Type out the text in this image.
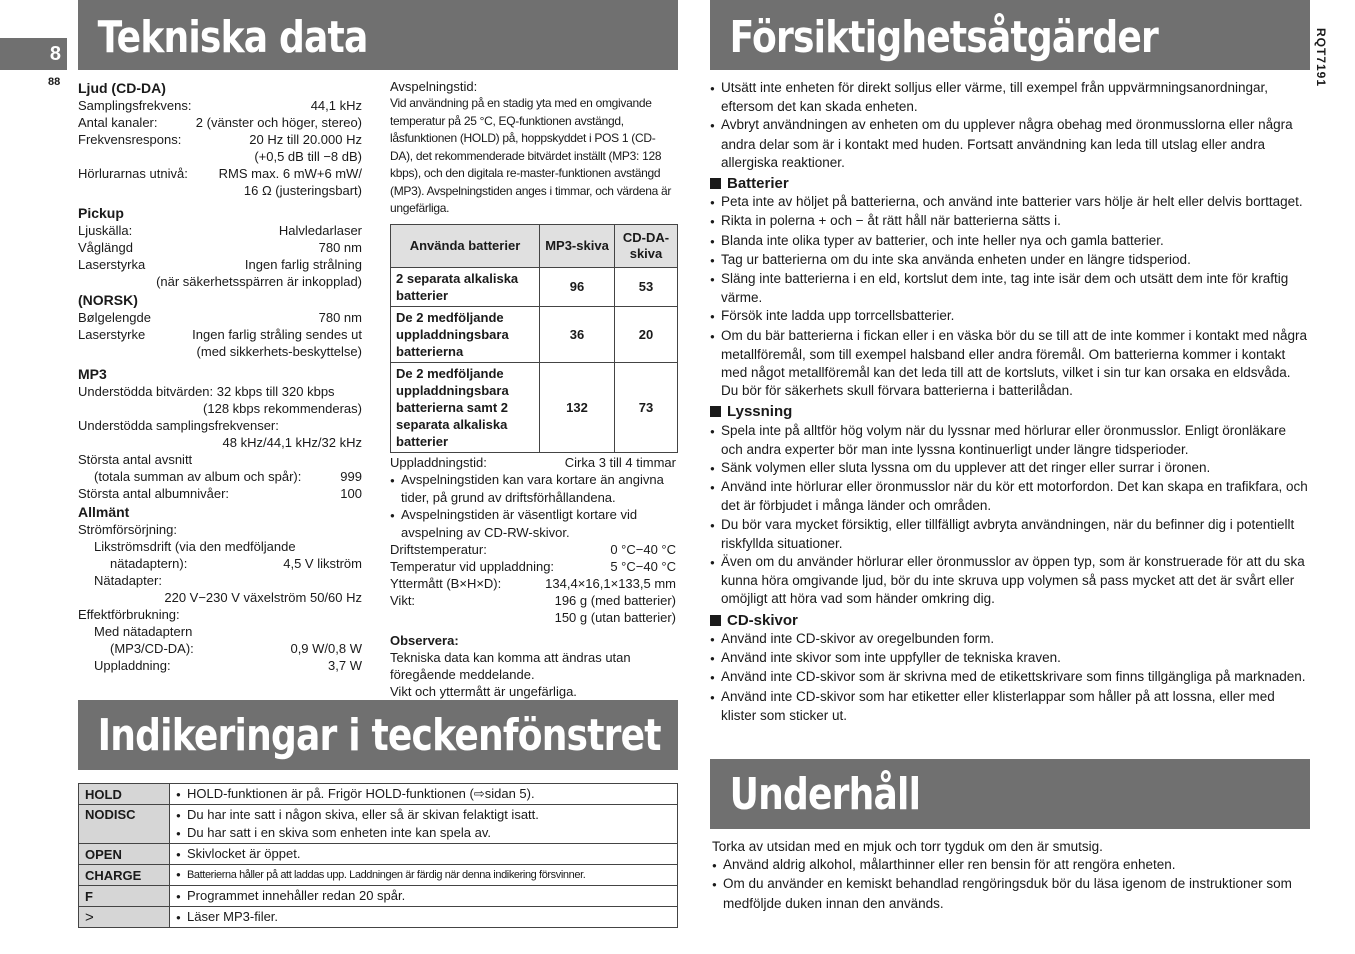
8
88	RQT7191
Tekniska data
Indikeringar i teckenfönstret
Försiktighetsåtgärder
Underhåll
Ljud (CD-DA)
Samplingsfrekvens:	44,1 kHz
Antal kanaler:	2 (vänster och höger, stereo)
Frekvensrespons:	20 Hz till 20.000 Hz
(+0,5 dB till −8 dB)
Hörlurarnas utnivå: RMS max. 6 mW+6 mW/
16 Ω (justeringsbart)
Pickup
Ljuskälla:	Halvledarlaser
Våglängd	780 nm
Laserstyrka	Ingen farlig strålning
(när säkerhetsspärren är inkopplad)
(NORSK)
Bølgelengde	780 nm
Laserstyrke	Ingen farlig stråling sendes ut
(med sikkerhets-beskyttelse)
MP3
Understödda bitvärden: 32 kbps till 320 kbps
(128 kbps rekommenderas)
Understödda samplingsfrekvenser:
48 kHz/44,1 kHz/32 kHz
Största antal avsnitt
(totala summan av album och spår):	999
Största antal albumnivåer:	100
Allmänt
Strömförsörjning:
Likströmsdrift (via den medföljande
nätadaptern):	4,5 V likström
Nätadapter:
220 V−230 V växelström 50/60 Hz
Effektförbrukning:
Med nätadaptern
(MP3/CD-DA):	0,9 W/0,8 W
Uppladdning:	3,7 W
Avspelningstid:
Vid användning på en stadig yta med en omgivande temperatur på 25 °C, EQ-funktionen avstängd, låsfunktionen (HOLD) på, hoppskyddet i POS 1 (CD-DA), det rekommenderade bitvärdet inställt (MP3: 128 kbps), och den digitala re-master-funktionen avstängd (MP3). Avspelningstiden anges i timmar, och värdena är ungefärliga.
Använda batterier	MP3-skiva	CD-DA-skiva
2 separata alkaliska batterier	96	53
De 2 medföljande uppladdningsbara batterierna	36	20
De 2 medföljande uppladdningsbara batterierna samt 2 separata alkaliska batterier	132	73
Uppladdningstid:	Cirka 3 till 4 timmar
● Avspelningstiden kan vara kortare än angivna tider, på grund av driftsförhållandena.
● Avspelningstiden är väsentligt kortare vid avspelning av CD-RW-skivor.
Driftstemperatur:	0 °C−40 °C
Temperatur vid uppladdning:	5 °C−40 °C
Yttermått (B×H×D):	134,4×16,1×133,5 mm
Vikt:	196 g (med batterier)
150 g (utan batterier)
Observera:
Tekniska data kan komma att ändras utan föregående meddelande.
Vikt och yttermått är ungefärliga.
HOLD	● HOLD-funktionen är på. Frigör HOLD-funktionen (⇨sidan 5).

NODISC	● Du har inte satt i någon skiva, eller så är skivan felaktigt isatt.
● Du har satt i en skiva som enheten inte kan spela av.

OPEN	● Skivlocket är öppet.

CHARGE	● Batterierna håller på att laddas upp. Laddningen är färdig när denna indikering försvinner.

F	● Programmet innehåller redan 20 spår.

>	● Läser MP3-filer.
● Utsätt inte enheten för direkt solljus eller värme, till exempel från uppvärmningsanordningar, eftersom det kan skada enheten.
● Avbryt användningen av enheten om du upplever några obehag med öronmusslorna eller några andra delar som är i kontakt med huden. Fortsatt användning kan leda till utslag eller andra allergiska reaktioner.
Batterier
● Peta inte av höljet på batterierna, och använd inte batterier vars hölje är helt eller delvis borttaget.
● Rikta in polerna + och − åt rätt håll när batterierna sätts i.
● Blanda inte olika typer av batterier, och inte heller nya och gamla batterier.
● Tag ur batterierna om du inte ska använda enheten under en längre tidsperiod.
● Släng inte batterierna i en eld, kortslut dem inte, tag inte isär dem och utsätt dem inte för kraftig värme.
● Försök inte ladda upp torrcellsbatterier.
● Om du bär batterierna i fickan eller i en väska bör du se till att de inte kommer i kontakt med några metallföremål, som till exempel halsband eller andra föremål. Om batterierna kommer i kontakt med något metallföremål kan det leda till att de kortsluts, vilket i sin tur kan orsaka en eldsvåda. Du bör för säkerhets skull förvara batterierna i batterilådan.
Lyssning
● Spela inte på alltför hög volym när du lyssnar med hörlurar eller öronmusslor. Enligt öronläkare och andra experter bör man inte lyssna kontinuerligt under längre tidsperioder.
● Sänk volymen eller sluta lyssna om du upplever att det ringer eller surrar i öronen.
● Använd inte hörlurar eller öronmusslor när du kör ett motorfordon. Det kan skapa en trafikfara, och det är förbjudet i många länder och områden.
● Du bör vara mycket försiktig, eller tillfälligt avbryta användningen, när du befinner dig i potentiellt riskfyllda situationer.
● Även om du använder hörlurar eller öronmusslor av öppen typ, som är konstruerade för att du ska kunna höra omgivande ljud, bör du inte skruva upp volymen så pass mycket att det är svårt eller omöjligt att höra vad som händer omkring dig.
CD-skivor
● Använd inte CD-skivor av oregelbunden form.
● Använd inte skivor som inte uppfyller de tekniska kraven.
● Använd inte CD-skivor som är skrivna med de etikettskrivare som finns tillgängliga på marknaden.
● Använd inte CD-skivor som har etiketter eller klisterlappar som håller på att lossna, eller med klister som sticker ut.
Torka av utsidan med en mjuk och torr tygduk om den är smutsig.
● Använd aldrig alkohol, målarthinner eller ren bensin för att rengöra enheten.
● Om du använder en kemiskt behandlad rengöringsduk bör du läsa igenom de instruktioner som medföljde duken innan den används.
